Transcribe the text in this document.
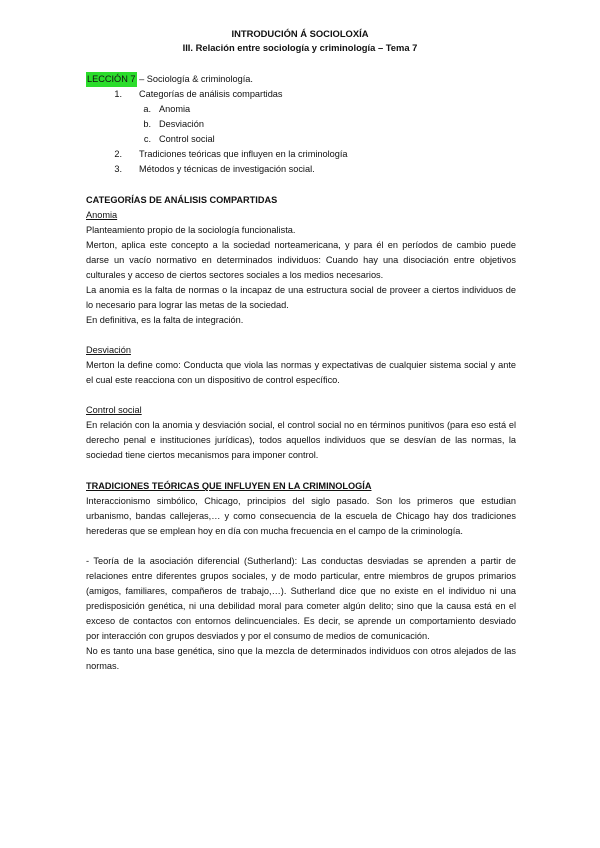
INTRODUCIÓN Á SOCIOLOXÍA
III. Relación entre sociología y criminología – Tema 7
LECCIÓN 7 – Sociología & criminología.
1. Categorías de análisis compartidas
a. Anomia
b. Desviación
c. Control social
2. Tradiciones teóricas que influyen en la criminología
3. Métodos y técnicas de investigación social.
CATEGORÍAS DE ANÁLISIS COMPARTIDAS
Anomia

Planteamiento propio de la sociología funcionalista.

Merton, aplica este concepto a la sociedad norteamericana, y para él en períodos de cambio puede darse un vacío normativo en determinados individuos: Cuando hay una disociación entre objetivos culturales y acceso de ciertos sectores sociales a los medios necesarios.

La anomia es la falta de normas o la incapaz de una estructura social de proveer a ciertos individuos de lo necesario para lograr las metas de la sociedad.

En definitiva, es la falta de integración.

Desviación

Merton la define como: Conducta que viola las normas y expectativas de cualquier sistema social y ante el cual este reacciona con un dispositivo de control específico.

Control social

En relación con la anomia y desviación social, el control social no en términos punitivos (para eso está el derecho penal e instituciones jurídicas), todos aquellos individuos que se desvían de las normas, la sociedad tiene ciertos mecanismos para imponer control.

TRADICIONES TEÓRICAS QUE INFLUYEN EN LA CRIMINOLOGÍA

Interaccionismo simbólico, Chicago, principios del siglo pasado. Son los primeros que estudian urbanismo, bandas callejeras,… y como consecuencia de la escuela de Chicago hay dos tradiciones herederas que se emplean hoy en día con mucha frecuencia en el campo de la criminología.

- Teoría de la asociación diferencial (Sutherland): Las conductas desviadas se aprenden a partir de relaciones entre diferentes grupos sociales, y de modo particular, entre miembros de grupos primarios (amigos, familiares, compañeros de trabajo,…). Sutherland dice que no existe en el individuo ni una predisposición genética, ni una debilidad moral para cometer algún delito; sino que la causa está en el exceso de contactos con entornos delincuenciales. Es decir, se aprende un comportamiento desviado por interacción con grupos desviados y por el consumo de medios de comunicación.

No es tanto una base genética, sino que la mezcla de determinados individuos con otros alejados de las normas.
